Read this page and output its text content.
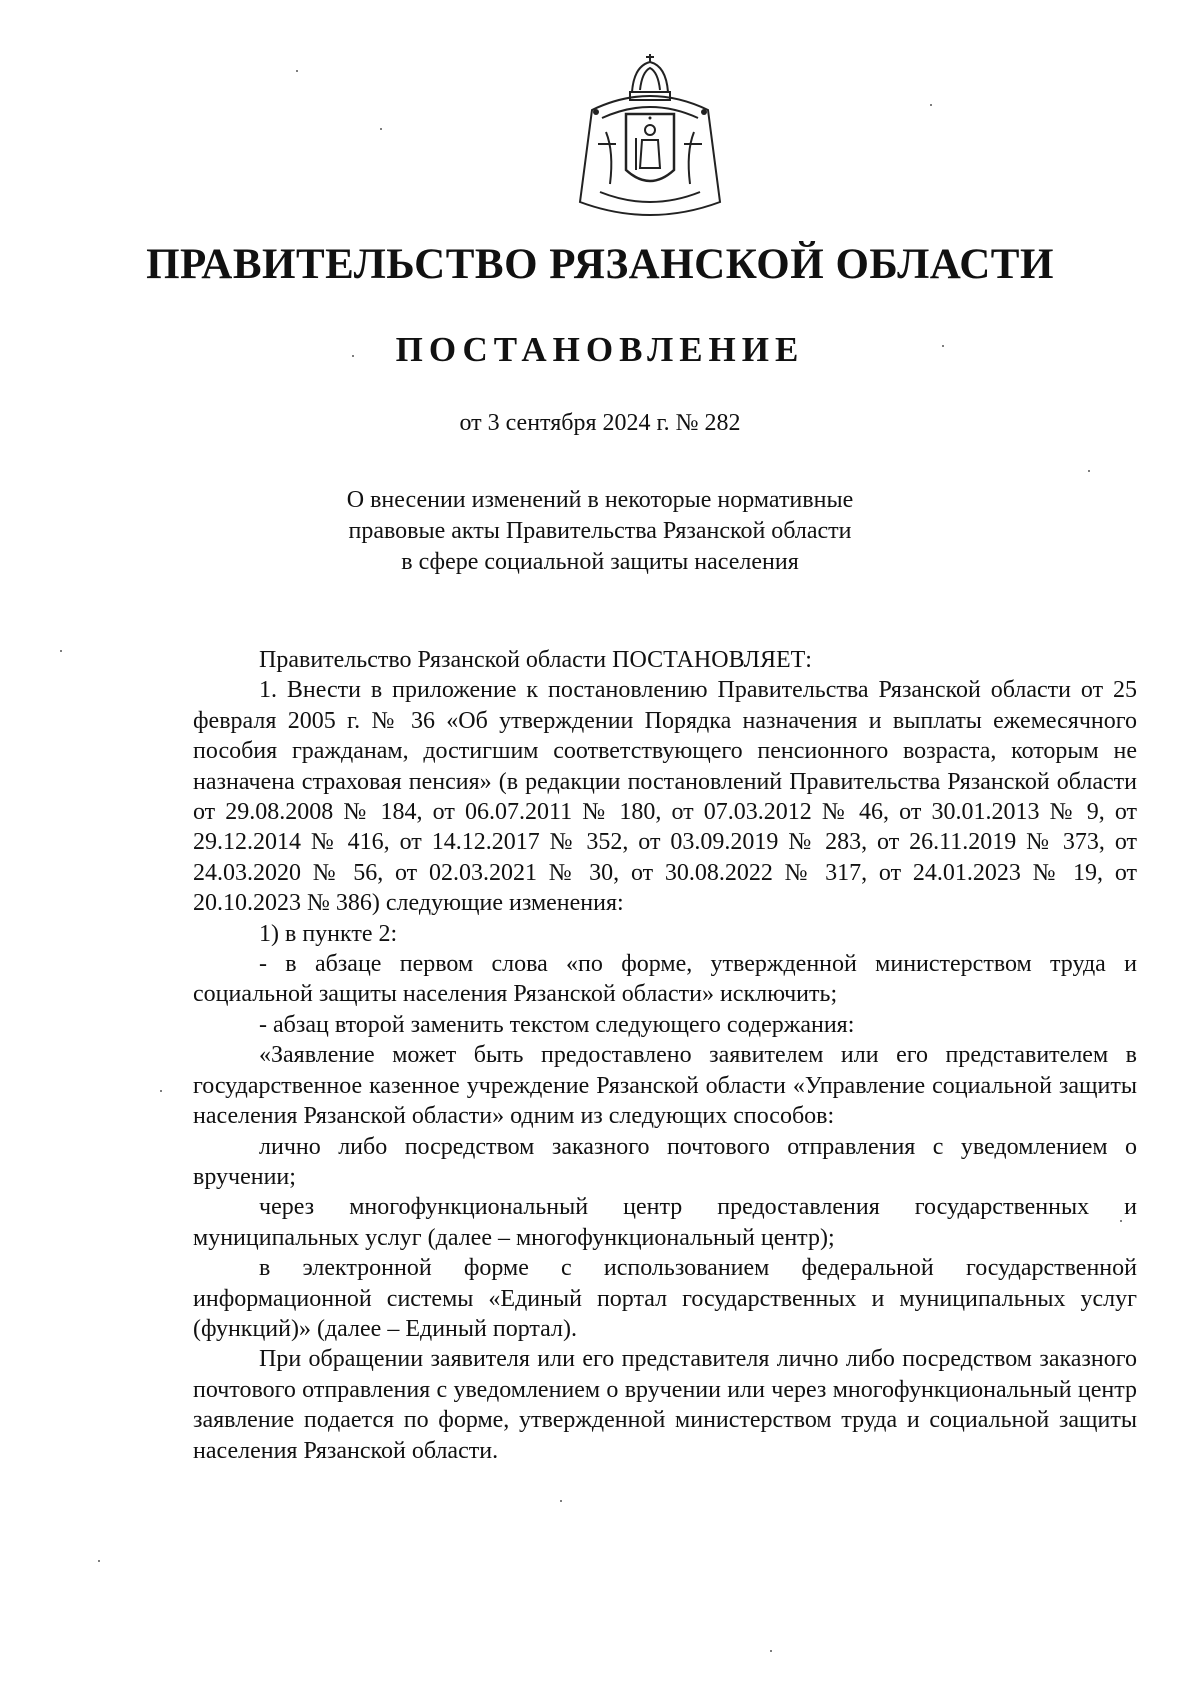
ПРАВИТЕЛЬСТВО РЯЗАНСКОЙ ОБЛАСТИ
ПОСТАНОВЛЕНИЕ
от 3 сентября 2024 г. № 282
О внесении изменений в некоторые нормативные
правовые акты Правительства Рязанской области
в сфере социальной защиты населения

Правительство Рязанской области ПОСТАНОВЛЯЕТ:

1. Внести в приложение к постановлению Правительства Рязанской области от 25 февраля 2005 г. № 36 «Об утверждении Порядка назначения и выплаты ежемесячного пособия гражданам, достигшим соответствующего пенсионного возраста, которым не назначена страховая пенсия» (в редакции постановлений Правительства Рязанской области от 29.08.2008 № 184, от 06.07.2011 № 180, от 07.03.2012 № 46, от 30.01.2013 № 9, от 29.12.2014 № 416, от 14.12.2017 № 352, от 03.09.2019 № 283, от 26.11.2019 № 373, от 24.03.2020 № 56, от 02.03.2021 № 30, от 30.08.2022 № 317, от 24.01.2023 № 19, от 20.10.2023 № 386) следующие изменения:

1) в пункте 2:

- в абзаце первом слова «по форме, утвержденной министерством труда и социальной защиты населения Рязанской области» исключить;

- абзац второй заменить текстом следующего содержания:

«Заявление может быть предоставлено заявителем или его представителем в государственное казенное учреждение Рязанской области «Управление социальной защиты населения Рязанской области» одним из следующих способов:

лично либо посредством заказного почтового отправления с уведомлением о вручении;

через многофункциональный центр предоставления государственных и муниципальных услуг (далее – многофункциональный центр);

в электронной форме с использованием федеральной государственной информационной системы «Единый портал государственных и муниципальных услуг (функций)» (далее – Единый портал).

При обращении заявителя или его представителя лично либо посредством заказного почтового отправления с уведомлением о вручении или через многофункциональный центр заявление подается по форме, утвержденной министерством труда и социальной защиты населения Рязанской области.
